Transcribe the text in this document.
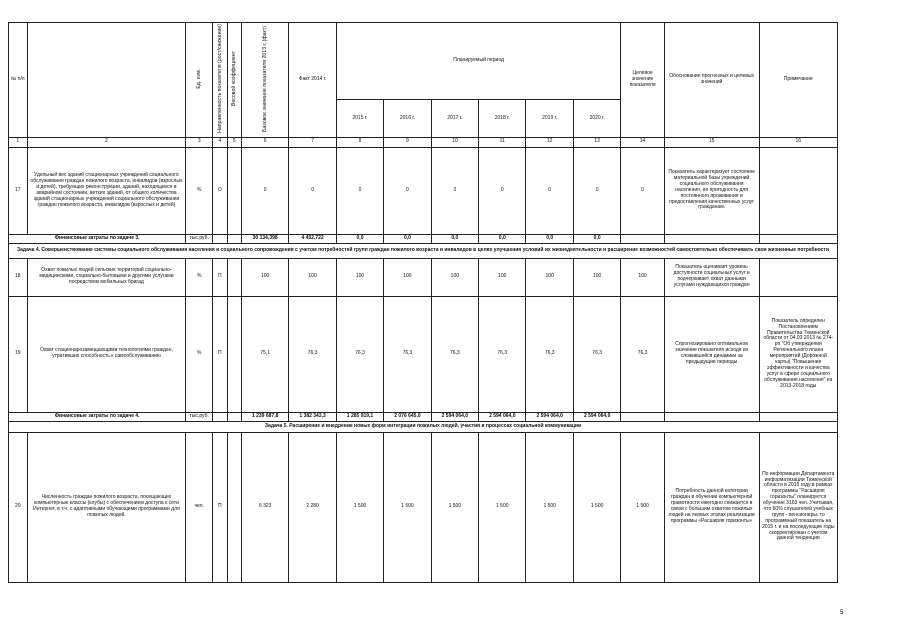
№ п/п		Ед. изм.	Направленность показателя (рост/снижение)	Весовой коэффициент	Базовое значение показателя 2013 г. (факт)	Факт 2014 г.	Планируемый период						Целевое значение показателя	Обоснование прогнозных и целевых значений	Примечание
							2015 г.	2016 г.	2017 г.	2018 г.	2019 г.	2020 г.			
1	2	3	4	5	6	7	8	9	10	11	12	13	14	15	16
17	Удельный вес зданий стационарных учреждений социального обслуживания граждан пожилого возраста, инвалидов (взрослых и детей), требующих реконструкции, зданий, находящихся в аварийном состоянии, ветхих зданий, от общего количества зданий стационарных учреждений социального обслуживания граждан пожилого возраста, инвалидов (взрослых и детей)	%	О		0	0	0	0	0	0	0	0	0	Показатель характеризует состояние материальной базы учреждений социального обслуживания населения, ее пригодность для постоянного проживания и предоставления качественных услуг гражданам.	
Финансовые затраты по задаче 3.		тыс.руб.			30 134,398	4 452,722	0,0	0,0	0,0	0,0	0,0	0,0			
Задача 4. Совершенствование системы социального обслуживания населения и социального сопровождения с учетом потребностей групп граждан пожилого возраста и инвалидов в целях улучшения условий их жизнедеятельности и расширение возможностей самостоятельно обеспечивать свои жизненные потребности															
18	Охват пожилых людей сельских территорий социально-медицинскими, социально-бытовыми и другими услугами посредством мобильных бригад	%	П		100	100	100	100	100	100	100	100	100	Показатель оценивает уровень доступности социальных услуг и подчеркивает охват данными услугами нуждающихся граждан	
19	Охват стационарозамещающими технологиями граждан, утративших способность к самообслуживанию	%	П		75,1	76,3	76,3	76,3	76,3	76,3	76,3	76,3	76,3	Спрогнозировано оптимальное значение показателя исходя из сложившейся динамики за предыдущие периоды	Показатель определен Постановлением Правительства Тюменской области от 04.03.2013 № 274-рп "Об утверждении Регионального плана мероприятий (Дорожной карты) "Повышение эффективности и качества услуг в сфере социального обслуживания населения" на 2013-2018 годы
Финансовые затраты по задаче 4.		тыс.руб.			1 239 687,8	1 382 342,3	1 285 919,1	2 076 645,0	2 594 064,0	2 594 064,0	2 594 064,0	2 594 064,0			
Задача 5. Расширение и внедрение новых форм интеграции пожилых людей, участия в процессах социальной коммуникации															
20	Численность граждан пожилого возраста, посещающих компьютерные классы (клубы) с обеспечением доступа к сети Интернет, в т.ч. с адаптивными обучающими программами для пожилых людей.	чел.	П		6 323	2 280	1 500	1 500	1 500	1 500	1 500	1 500	1 500	Потребность данной категории граждан в обучении компьютерной грамотности ежегодно снижается в связи с большим охватом пожилых людей на первых этапах реализации программы «Расширяя горизонты»	По информации Департамента информатизации Тюменской области в 2015 году в рамках программы "Расширяя горизонты" планируется обучение 3163 чел. Учитывая, что 60% слушателей учебных групп - пенсионеры, то программный показатель на 2015 г. и на последующие годы скорректирован с учетом данной тенденции
5
